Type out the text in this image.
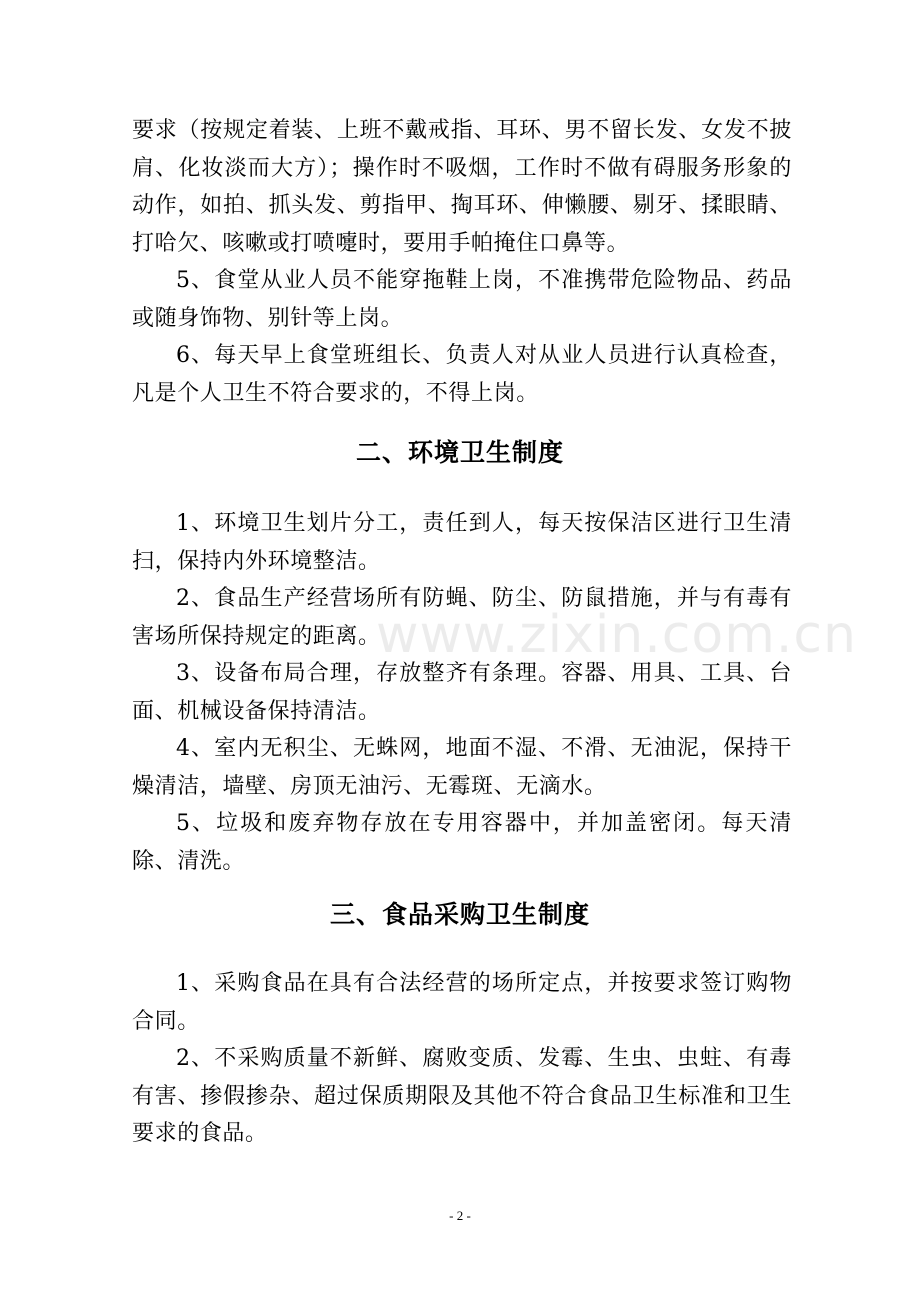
要求（按规定着装、上班不戴戒指、耳环、男不留长发、女发不披肩、化妆淡而大方）；操作时不吸烟，工作时不做有碍服务形象的动作，如拍、抓头发、剪指甲、掏耳环、伸懒腰、剔牙、揉眼睛、打哈欠、咳嗽或打喷嚏时，要用手帕掩住口鼻等。

5、食堂从业人员不能穿拖鞋上岗，不准携带危险物品、药品或随身饰物、别针等上岗。

6、每天早上食堂班组长、负责人对从业人员进行认真检查，凡是个人卫生不符合要求的，不得上岗。

二、环境卫生制度

1、环境卫生划片分工，责任到人，每天按保洁区进行卫生清扫，保持内外环境整洁。

2、食品生产经营场所有防蝇、防尘、防鼠措施，并与有毒有害场所保持规定的距离。

3、设备布局合理，存放整齐有条理。容器、用具、工具、台面、机械设备保持清洁。

4、室内无积尘、无蛛网，地面不湿、不滑、无油泥，保持干燥清洁，墙壁、房顶无油污、无霉斑、无滴水。

5、垃圾和废弃物存放在专用容器中，并加盖密闭。每天清除、清洗。

三、食品采购卫生制度

1、采购食品在具有合法经营的场所定点，并按要求签订购物合同。

2、不采购质量不新鲜、腐败变质、发霉、生虫、虫蛀、有毒有害、掺假掺杂、超过保质期限及其他不符合食品卫生标准和卫生要求的食品。

www.zixin.com.cn
- 2 -
